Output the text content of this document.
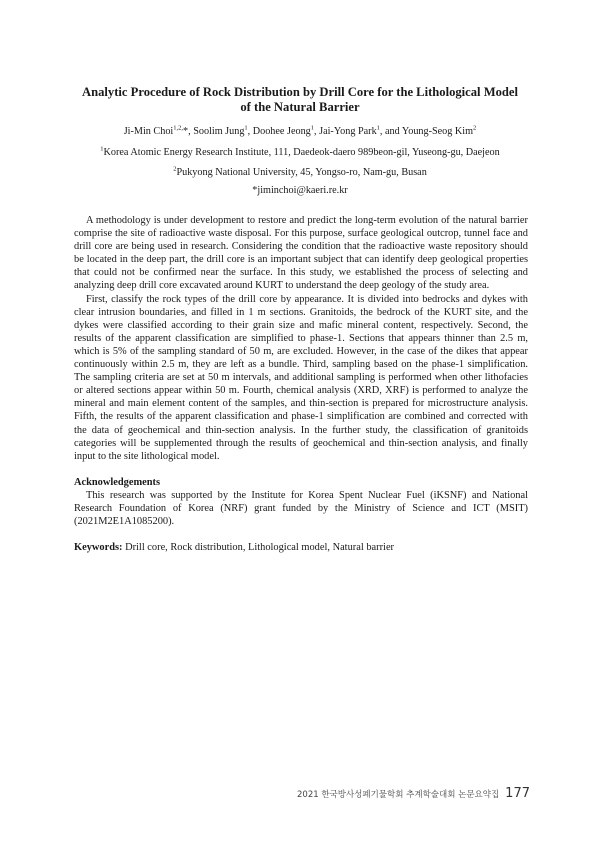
Analytic Procedure of Rock Distribution by Drill Core for the Lithological Model
of the Natural Barrier
Ji-Min Choi$^{1,2,}$*, Soolim Jung$^1$, Doohee Jeong$^1$, Jai-Yong Park$^1$, and Young-Seog Kim$^2$
$^1$Korea Atomic Energy Research Institute, 111, Daedeok-daero 989beon-gil, Yuseong-gu, Daejeon
$^2$Pukyong National University, 45, Yongso-ro, Nam-gu, Busan
*jiminchoi@kaeri.re.kr

A methodology is under development to restore and predict the long-term evolution of the natural barrier comprise the site of radioactive waste disposal. For this purpose, surface geological outcrop, tunnel face and drill core are being used in research. Considering the condition that the radioactive waste repository should be located in the deep part, the drill core is an important subject that can identify deep geological properties that could not be confirmed near the surface. In this study, we established the process of selecting and analyzing deep drill core excavated around KURT to understand the deep geology of the study area.

First, classify the rock types of the drill core by appearance. It is divided into bedrocks and dykes with clear intrusion boundaries, and filled in 1 m sections. Granitoids, the bedrock of the KURT site, and the dykes were classified according to their grain size and mafic mineral content, respectively. Second, the results of the apparent classification are simplified to phase-1. Sections that appears thinner than 2.5 m, which is 5% of the sampling standard of 50 m, are excluded. However, in the case of the dikes that appear continuously within 2.5 m, they are left as a bundle. Third, sampling based on the phase-1 simplification. The sampling criteria are set at 50 m intervals, and additional sampling is performed when other lithofacies or altered sections appear within 50 m. Fourth, chemical analysis (XRD, XRF) is performed to analyze the mineral and main element content of the samples, and thin-section is prepared for microstructure analysis. Fifth, the results of the apparent classification and phase-1 simplification are combined and corrected with the data of geochemical and thin-section analysis. In the further study, the classification of granitoids categories will be supplemented through the results of geochemical and thin-section analysis, and finally input to the site lithological model.

Acknowledgements

This research was supported by the Institute for Korea Spent Nuclear Fuel (iKSNF) and National Research Foundation of Korea (NRF) grant funded by the Ministry of Science and ICT (MSIT) (2021M2E1A1085200).

Keywords: Drill core, Rock distribution, Lithological model, Natural barrier
2021 한국방사성폐기물학회 추계학술대회 논문요약집 177
